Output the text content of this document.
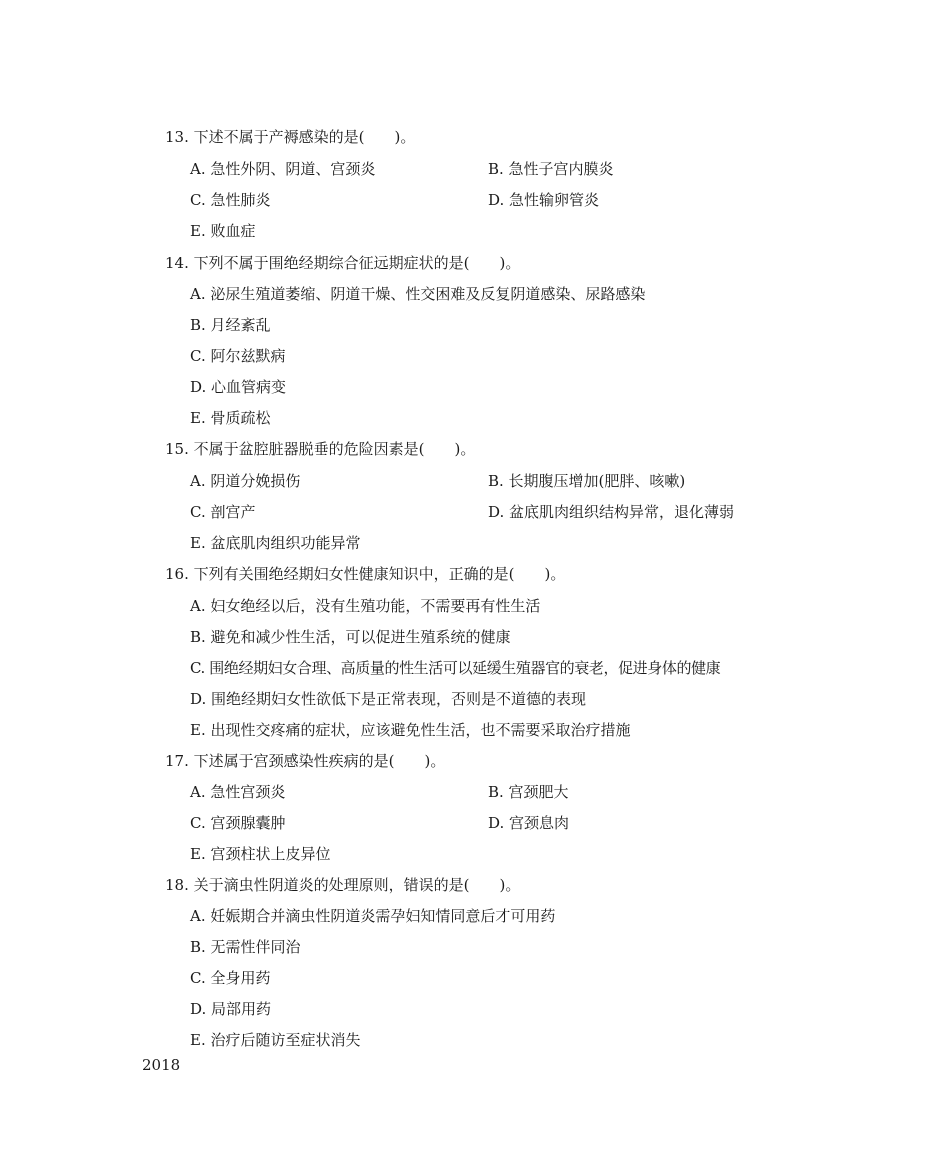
13. 下述不属于产褥感染的是(　　)。
A. 急性外阴、阴道、宫颈炎	B. 急性子宫内膜炎
C. 急性肺炎	D. 急性输卵管炎
E. 败血症
14. 下列不属于围绝经期综合征远期症状的是(　　)。
A. 泌尿生殖道萎缩、阴道干燥、性交困难及反复阴道感染、尿路感染
B. 月经紊乱
C. 阿尔兹默病
D. 心血管病变
E. 骨质疏松
15. 不属于盆腔脏器脱垂的危险因素是(　　)。
A. 阴道分娩损伤	B. 长期腹压增加(肥胖、咳嗽)
C. 剖宫产	D. 盆底肌肉组织结构异常，退化薄弱
E. 盆底肌肉组织功能异常
16. 下列有关围绝经期妇女性健康知识中，正确的是(　　)。
A. 妇女绝经以后，没有生殖功能，不需要再有性生活
B. 避免和减少性生活，可以促进生殖系统的健康
C. 围绝经期妇女合理、高质量的性生活可以延缓生殖器官的衰老，促进身体的健康
D. 围绝经期妇女性欲低下是正常表现，否则是不道德的表现
E. 出现性交疼痛的症状，应该避免性生活，也不需要采取治疗措施
17. 下述属于宫颈感染性疾病的是(　　)。
A. 急性宫颈炎	B. 宫颈肥大
C. 宫颈腺囊肿	D. 宫颈息肉
E. 宫颈柱状上皮异位
18. 关于滴虫性阴道炎的处理原则，错误的是(　　)。
A. 妊娠期合并滴虫性阴道炎需孕妇知情同意后才可用药
B. 无需性伴同治
C. 全身用药
D. 局部用药
E. 治疗后随访至症状消失
2018
